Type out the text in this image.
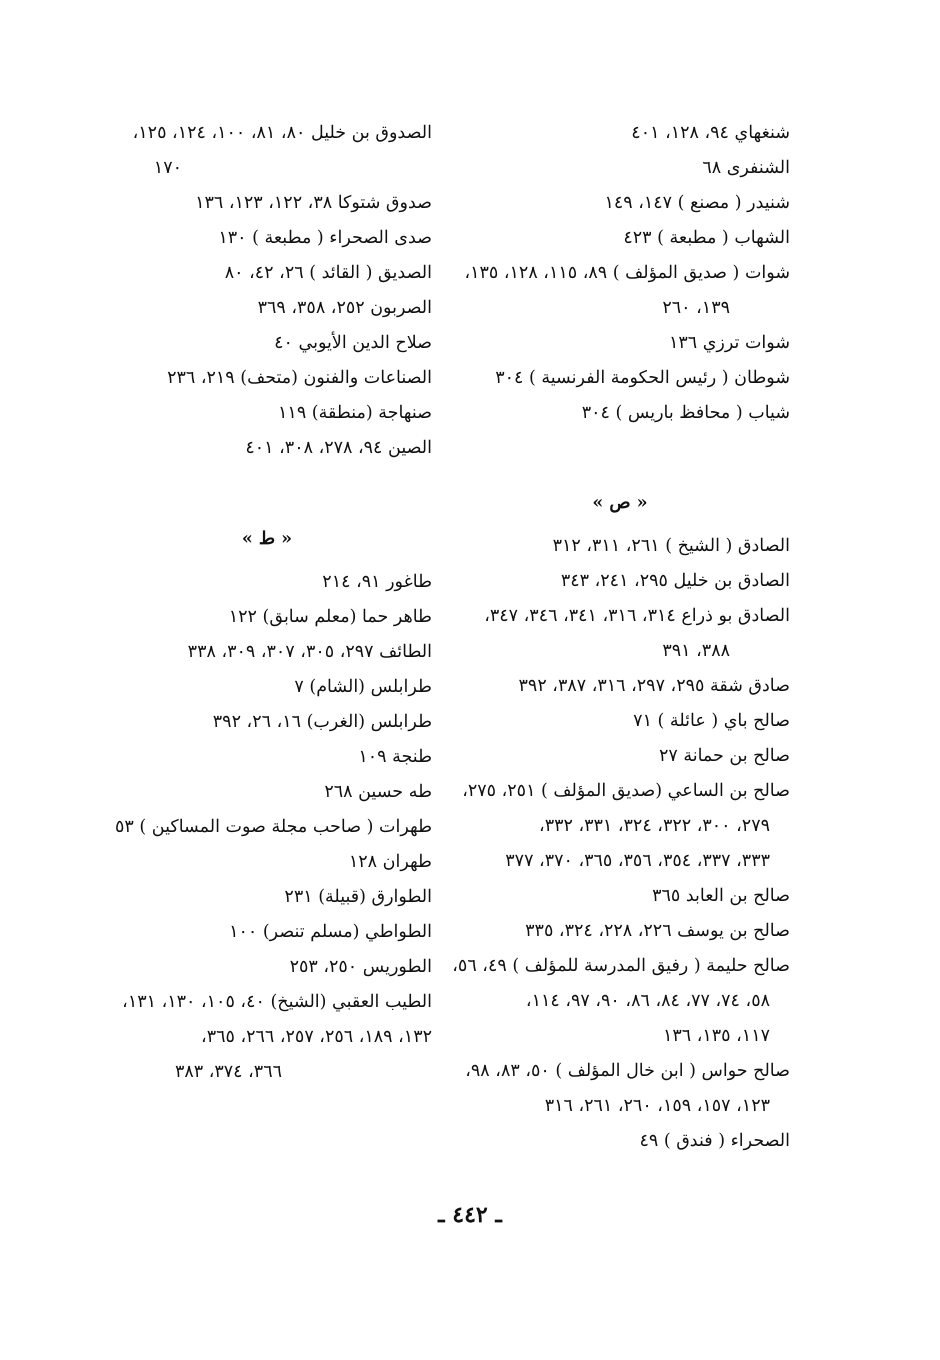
شنغهاي ٩٤، ١٢٨، ٤٠١
الشنفرى ٦٨
شنيدر ( مصنع ) ١٤٧، ١٤٩
الشهاب ( مطبعة ) ٤٢٣
شوات ( صديق المؤلف ) ٨٩، ١١٥، ١٢٨، ١٣٥،
١٣٩، ٢٦٠
شوات ترزي ١٣٦
شوطان ( رئيس الحكومة الفرنسية ) ٣٠٤
شياب ( محافظ باريس ) ٣٠٤
« ص »
الصادق ( الشيخ ) ٢٦١، ٣١١، ٣١٢
الصادق بن خليل ٢٩٥، ٢٤١، ٣٤٣
الصادق بو ذراع ٣١٤، ٣١٦، ٣٤١، ٣٤٦، ٣٤٧،
٣٨٨، ٣٩١
صادق شقة ٢٩٥، ٢٩٧، ٣١٦، ٣٨٧، ٣٩٢
صالح باي ( عائلة ) ٧١
صالح بن حمانة ٢٧
صالح بن الساعي (صديق المؤلف ) ٢٥١، ٢٧٥،
٢٧٩، ٣٠٠، ٣٢٢، ٣٢٤، ٣٣١، ٣٣٢،
٣٣٣، ٣٣٧، ٣٥٤، ٣٥٦، ٣٦٥، ٣٧٠، ٣٧٧
صالح بن العابد ٣٦٥
صالح بن يوسف ٢٢٦، ٢٢٨، ٣٢٤، ٣٣٥
صالح حليمة ( رفيق المدرسة للمؤلف ) ٤٩، ٥٦،
٥٨، ٧٤، ٧٧، ٨٤، ٨٦، ٩٠، ٩٧، ١١٤،
١١٧، ١٣٥، ١٣٦
صالح حواس ( ابن خال المؤلف ) ٥٠، ٨٣، ٩٨،
١٢٣، ١٥٧، ١٥٩، ٢٦٠، ٢٦١، ٣١٦
الصحراء ( فندق ) ٤٩
الصدوق بن خليل ٨٠، ٨١، ١٠٠، ١٢٤، ١٢٥،
١٧٠
صدوق شتوكا ٣٨، ١٢٢، ١٢٣، ١٣٦
صدى الصحراء ( مطبعة ) ١٣٠
الصديق ( القائد ) ٢٦، ٤٢، ٨٠
الصربون ٢٥٢، ٣٥٨، ٣٦٩
صلاح الدين الأيوبي ٤٠
الصناعات والفنون (متحف) ٢١٩، ٢٣٦
صنهاجة (منطقة) ١١٩
الصين ٩٤، ٢٧٨، ٣٠٨، ٤٠١
« ط »
طاغور ٩١، ٢١٤
طاهر حما (معلم سابق) ١٢٢
الطائف ٢٩٧، ٣٠٥، ٣٠٧، ٣٠٩، ٣٣٨
طرابلس (الشام) ٧
طرابلس (الغرب) ١٦، ٢٦، ٣٩٢
طنجة ١٠٩
طه حسين ٢٦٨
طهرات ( صاحب مجلة صوت المساكين ) ٥٣
طهران ١٢٨
الطوارق (قبيلة) ٢٣١
الطواطي (مسلم تنصر) ١٠٠
الطوريس ٢٥٠، ٢٥٣
الطيب العقبي (الشيخ) ٤٠، ١٠٥، ١٣٠، ١٣١،
١٣٢، ١٨٩، ٢٥٦، ٢٥٧، ٢٦٦، ٣٦٥،
٣٦٦، ٣٧٤، ٣٨٣
ـ ٤٤٢ ـ
